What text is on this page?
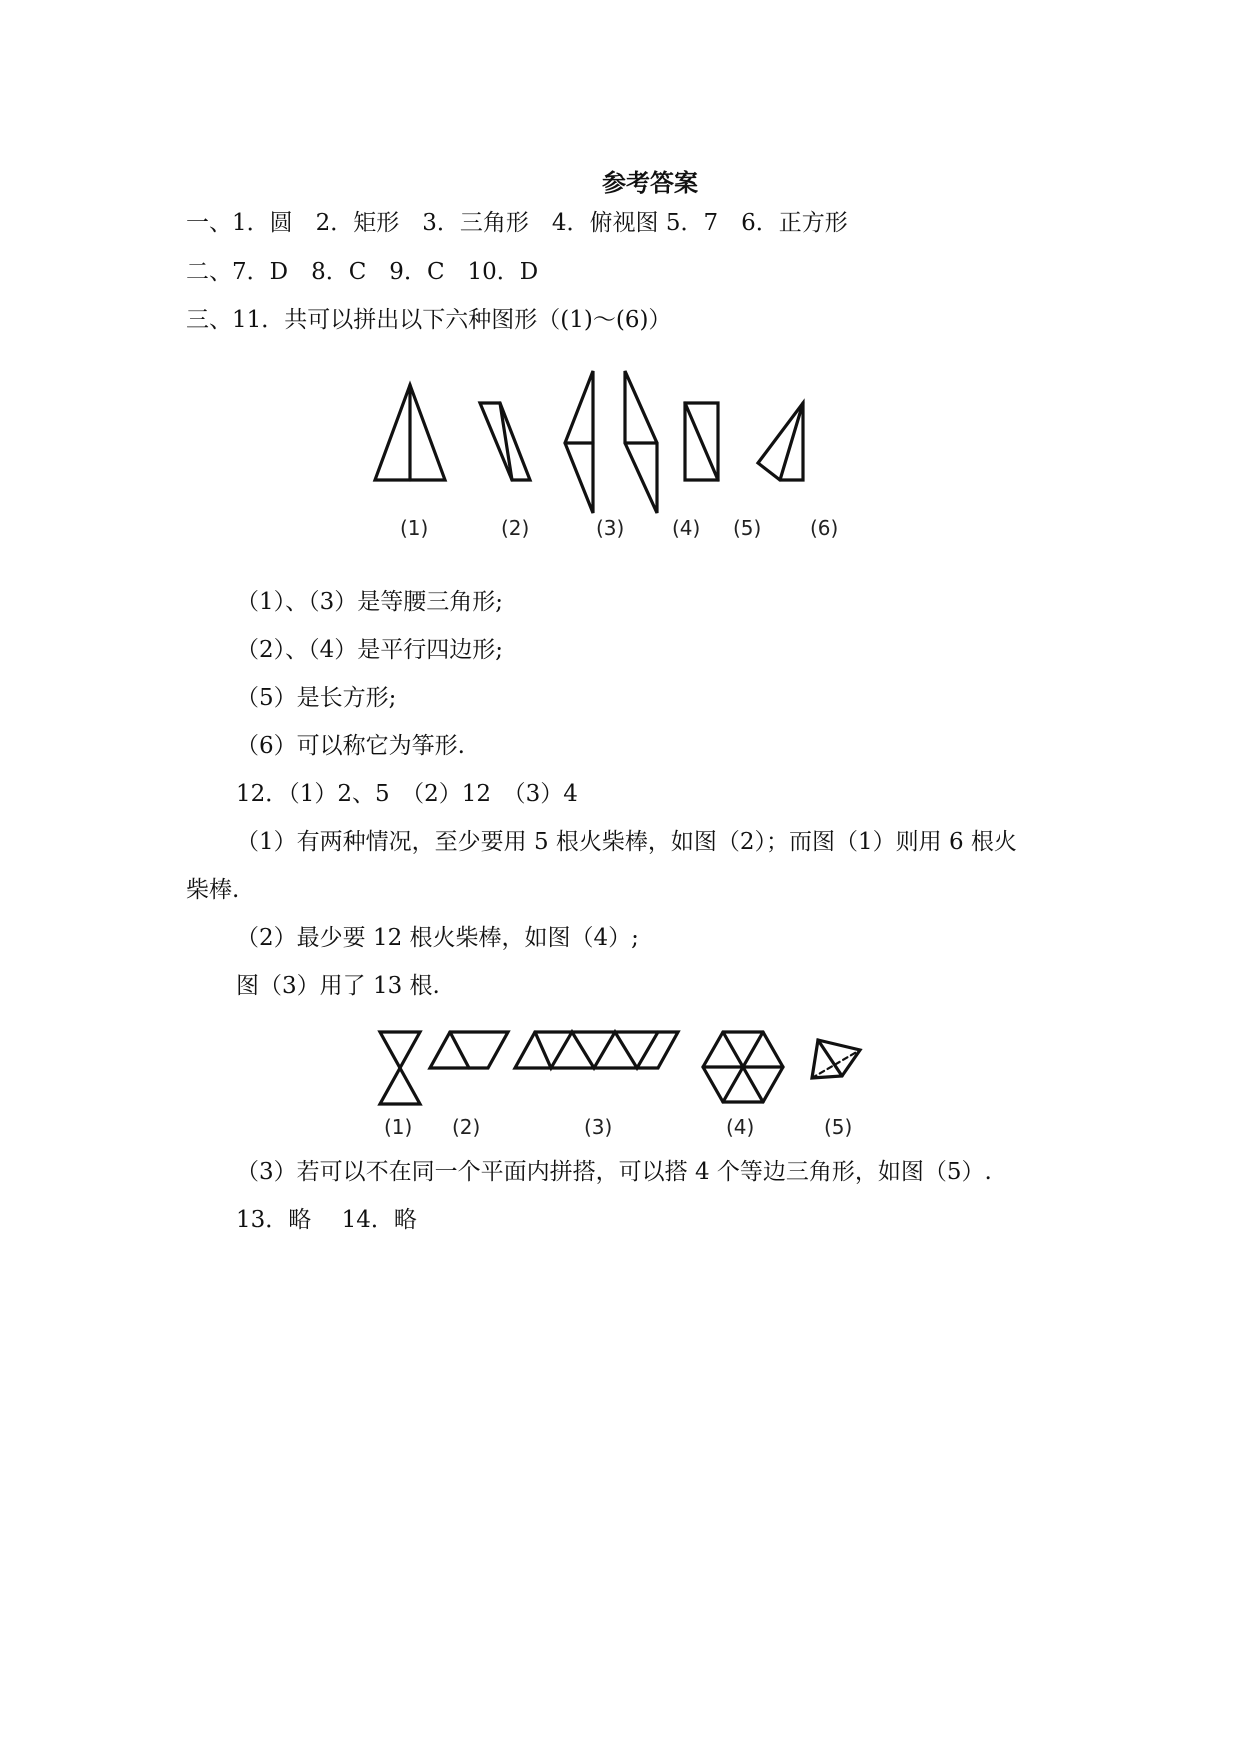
参考答案

一、1．圆　2．矩形　3．三角形　4．俯视图 5．7　6．正方形

二、7．D　8．C　9．C　10．D

三、11．共可以拼出以下六种图形（(1)～(6)）

(1)	(2)	(3) (4) (5) (6)

（1）、（3）是等腰三角形;

（2）、（4）是平行四边形;

（5）是长方形;

（6）可以称它为筝形.

12．（1）2、5　（2）12　（3）4

（1）有两种情况，至少要用 5 根火柴棒，如图（2）；而图（1）则用 6 根火

柴棒.

（2）最少要 12 根火柴棒，如图（4）;

图（3）用了 13 根.

(1) (2)	(3)	(4)	(5)

（3）若可以不在同一个平面内拼搭，可以搭 4 个等边三角形，如图（5）.

13．略　 14．略
